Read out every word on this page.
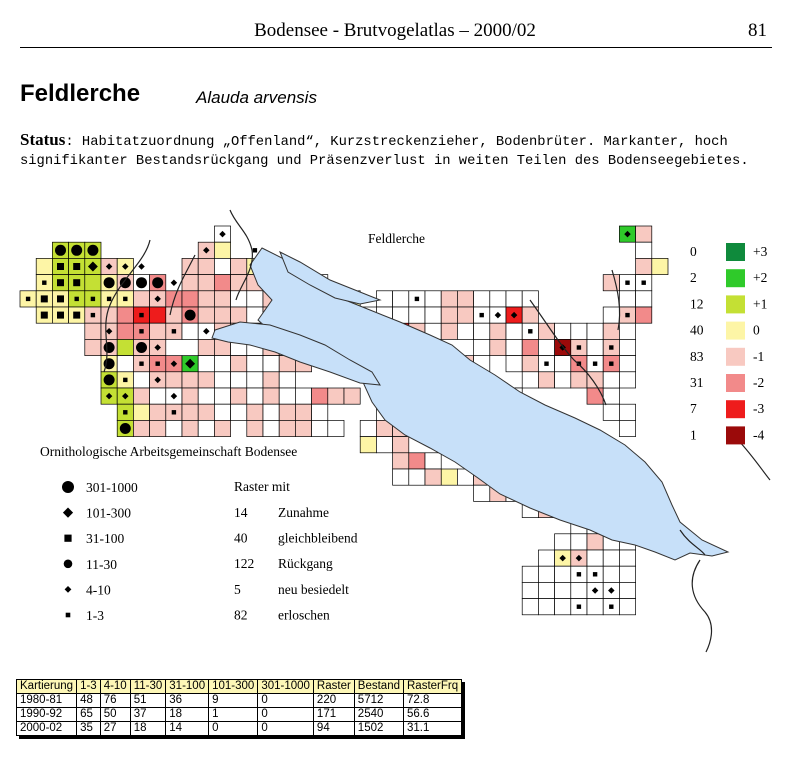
Bodensee - Brutvogelatlas – 2000/02	81
Feldlerche	Alauda arvensis
Status: Habitatzuordnung „Offenland“, Kurzstreckenzieher, Bodenbrüter. Markanter, hoch signifikanter Bestandsrückgang und Präsenzverlust in weiten Teilen des Bodenseegebietes.
Feldlerche
Ornithologische Arbeitsgemeinschaft Bodensee
0	+3
2	+2
12	+1
40	0
83	-1
31	-2
7	-3
1	-4
301-1000
101-300
31-100
11-30
4-10
1-3
Raster mit
14 Zunahme
40 gleichbleibend
122 Rückgang
5	neu besiedelt
82 erloschen
Kartierung	1-3	4-10	11-30	31-100	101-300	301-1000	Raster	Bestand	RasterFrq
1980-81	48	76	51	36	9	0	220	5712	72.8
1990-92	65	50	37	18	1	0	171	2540	56.6
2000-02	35	27	18	14	0	0	94	1502	31.1
